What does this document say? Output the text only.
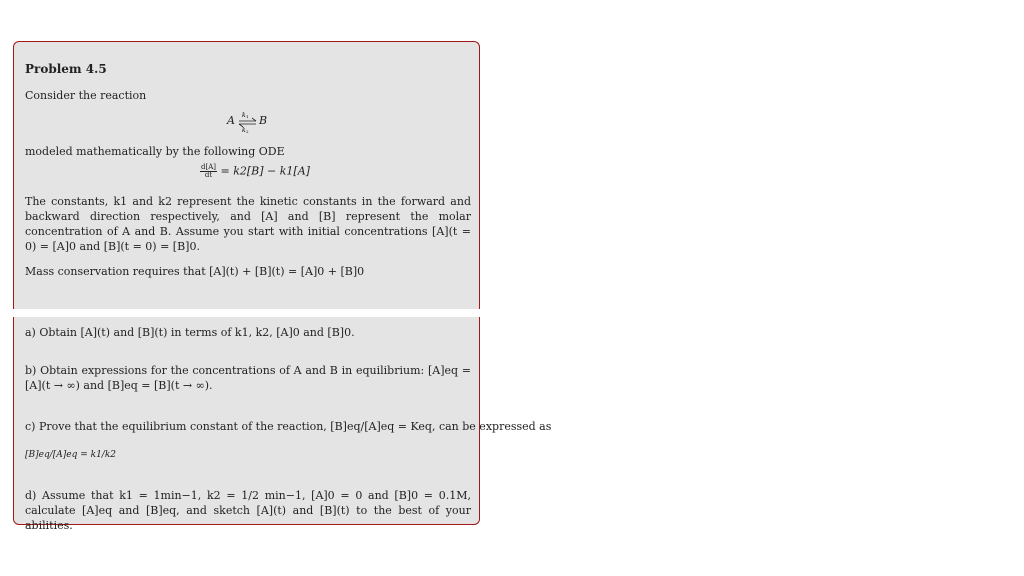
Problem 4.5
Consider the reaction
A k 1
k 2
B
modeled mathematically by the following ODE
$\frac{d[A]}{dt} = k2[B] - k1[A]$
The constants, k1 and k2 represent the kinetic constants in the forward and backward direction respectively, and [A] and [B] represent the molar concentration of A and B. Assume you start with initial concentrations [A](t = 0) = [A]0 and [B](t = 0) = [B]0.
Mass conservation requires that [A](t) + [B](t) = [A]0 + [B]0
a) Obtain [A](t) and [B](t) in terms of k1, k2, [A]0 and [B]0.
b) Obtain expressions for the concentrations of A and B in equilibrium: [A]eq = [A](t → ∞) and [B]eq = [B](t → ∞).
c) Prove that the equilibrium constant of the reaction, [B]eq/[A]eq = Keq, can be expressed as
[B]eq/[A]eq = k1/k2
d) Assume that k1 = 1min−1, k2 = 1/2 min−1, [A]0 = 0 and [B]0 = 0.1M, calculate [A]eq and [B]eq, and sketch [A](t) and [B](t) to the best of your abilities.
